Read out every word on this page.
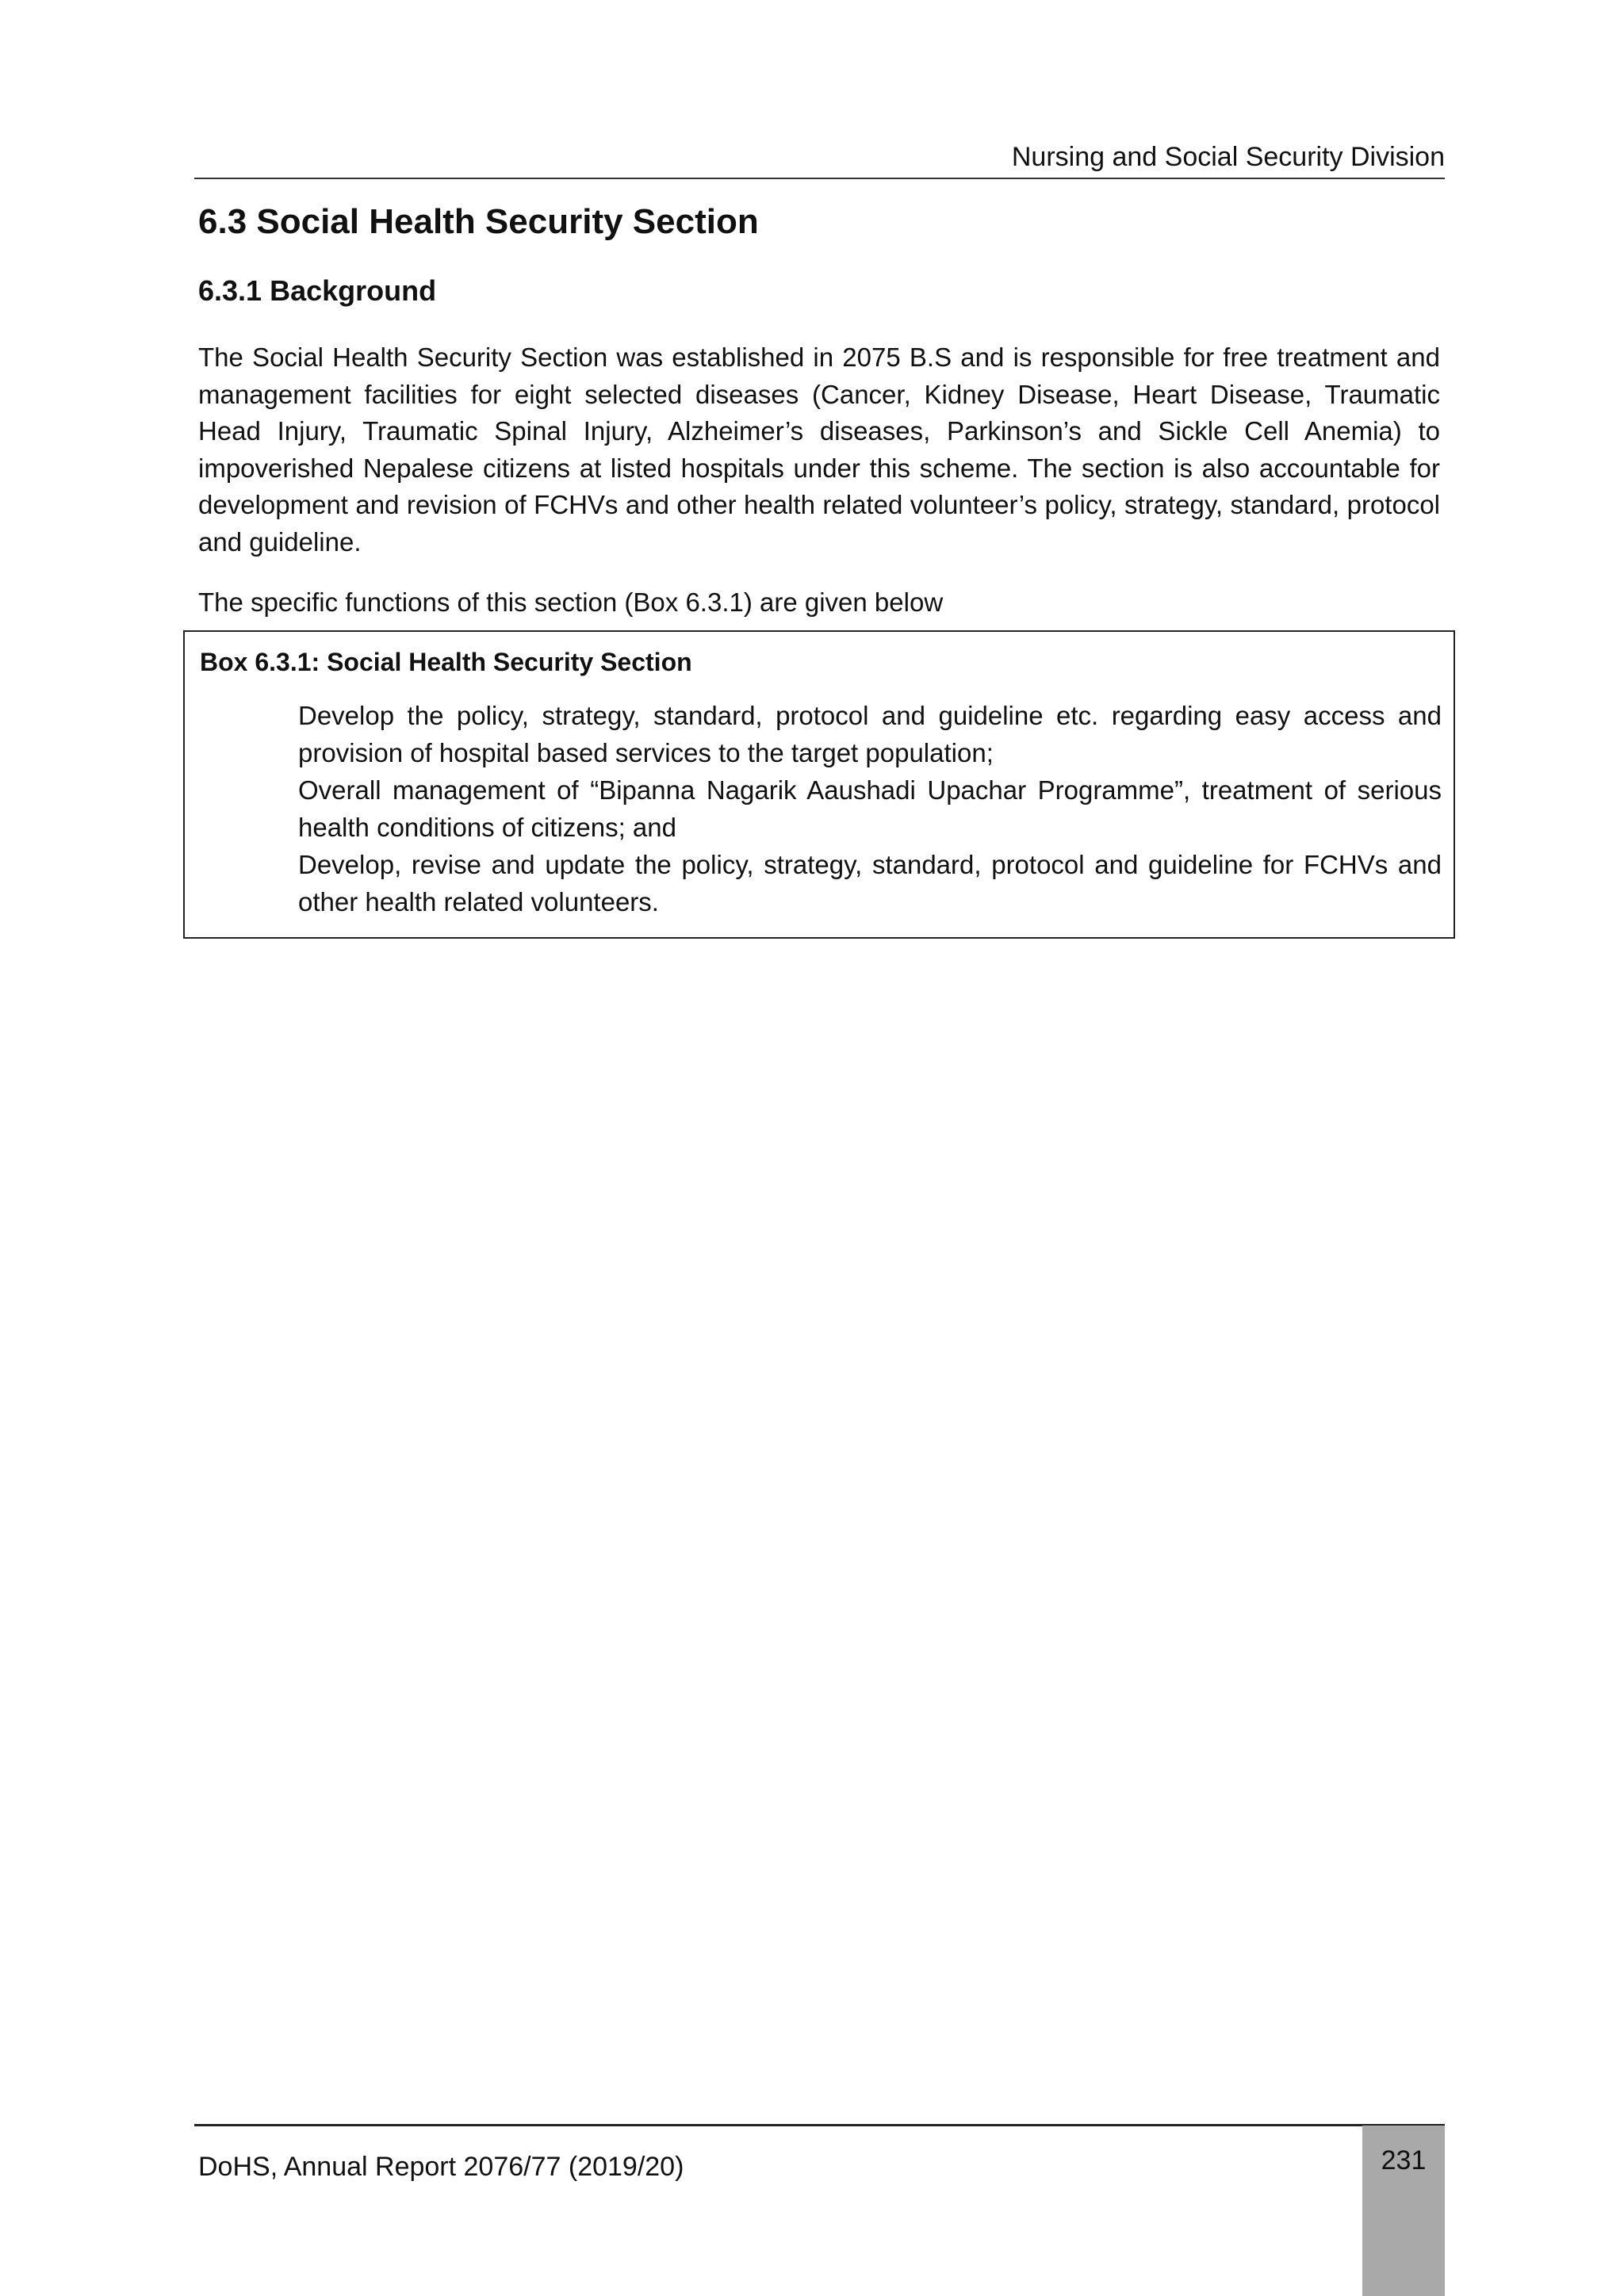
Nursing and Social Security Division
6.3 Social Health Security Section
6.3.1 Background

The Social Health Security Section was established in 2075 B.S and is responsible for free treatment and management facilities for eight selected diseases (Cancer, Kidney Disease, Heart Disease, Traumatic Head Injury, Traumatic Spinal Injury, Alzheimer’s diseases, Parkinson’s and Sickle Cell Anemia) to impoverished Nepalese citizens at listed hospitals under this scheme. The section is also accountable for development and revision of FCHVs and other health related volunteer’s policy, strategy, standard, protocol and guideline.

The specific functions of this section (Box 6.3.1) are given below
Box 6.3.1: Social Health Security Section
Develop the policy, strategy, standard, protocol and guideline etc. regarding easy access and provision of hospital based services to the target population;
Overall management of “Bipanna Nagarik Aaushadi Upachar Programme”, treatment of serious health conditions of citizens; and
Develop, revise and update the policy, strategy, standard, protocol and guideline for FCHVs and other health related volunteers.
DoHS, Annual Report 2076/77 (2019/20)	231
